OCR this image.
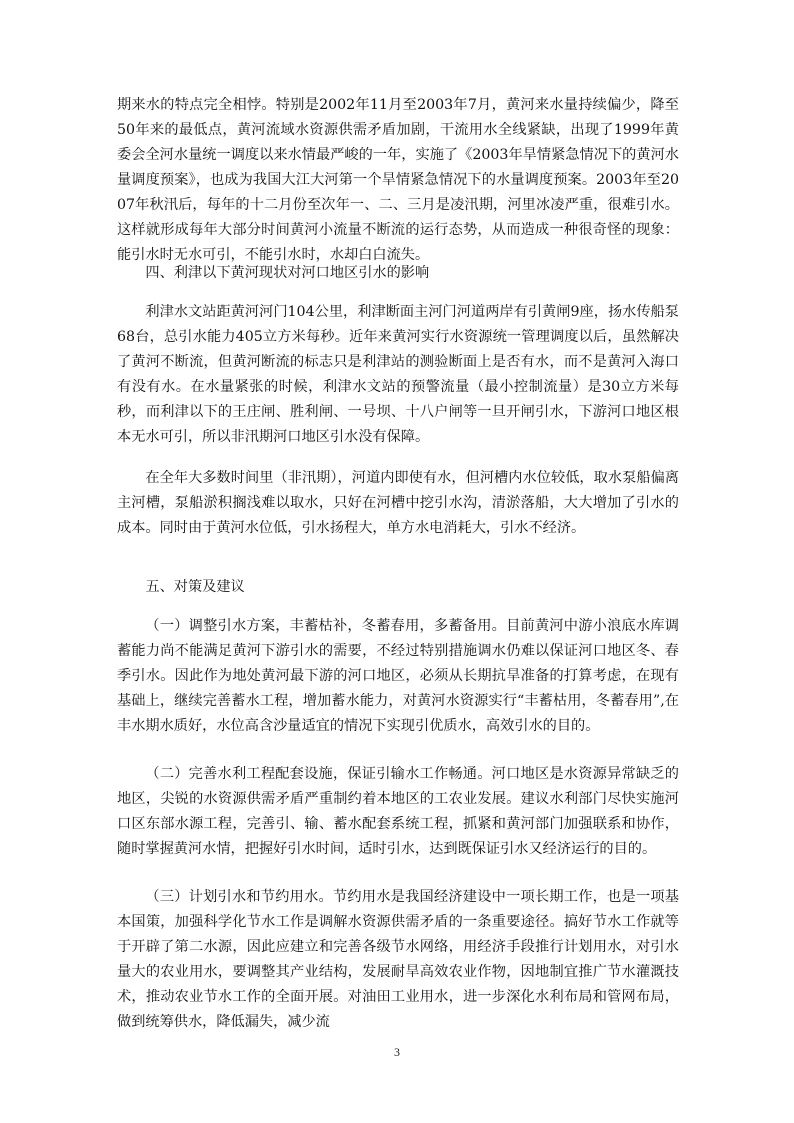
期来水的特点完全相悖。特别是2002年11月至2003年7月，黄河来水量持续偏少，降至50年来的最低点，黄河流域水资源供需矛盾加剧，干流用水全线紧缺，出现了1999年黄委会全河水量统一调度以来水情最严峻的一年，实施了《2003年旱情紧急情况下的黄河水量调度预案》，也成为我国大江大河第一个旱情紧急情况下的水量调度预案。2003年至2007年秋汛后，每年的十二月份至次年一、二、三月是凌汛期，河里冰凌严重，很难引水。这样就形成每年大部分时间黄河小流量不断流的运行态势，从而造成一种很奇怪的现象：能引水时无水可引，不能引水时，水却白白流失。

四、利津以下黄河现状对河口地区引水的影响

利津水文站距黄河河门104公里，利津断面主河门河道两岸有引黄闸9座，扬水传船泵68台，总引水能力405立方米每秒。近年来黄河实行水资源统一管理调度以后，虽然解决了黄河不断流，但黄河断流的标志只是利津站的测验断面上是否有水，而不是黄河入海口有没有水。在水量紧张的时候，利津水文站的预警流量（最小控制流量）是30立方米每秒，而利津以下的王庄闸、胜利闸、一号坝、十八户闸等一旦开闸引水，下游河口地区根本无水可引，所以非汛期河口地区引水没有保障。

在全年大多数时间里（非汛期），河道内即使有水，但河槽内水位较低，取水泵船偏离主河槽，泵船淤积搁浅难以取水，只好在河槽中挖引水沟，清淤落船，大大增加了引水的成本。同时由于黄河水位低，引水扬程大，单方水电消耗大，引水不经济。

五、对策及建议

（一）调整引水方案，丰蓄枯补，冬蓄春用，多蓄备用。目前黄河中游小浪底水库调蓄能力尚不能满足黄河下游引水的需要，不经过特别措施调水仍难以保证河口地区冬、春季引水。因此作为地处黄河最下游的河口地区，必须从长期抗旱准备的打算考虑，在现有基础上，继续完善蓄水工程，增加蓄水能力，对黄河水资源实行“丰蓄枯用，冬蓄春用”,在丰水期水质好，水位高含沙量适宜的情况下实现引优质水，高效引水的目的。

（二）完善水利工程配套设施，保证引输水工作畅通。河口地区是水资源异常缺乏的地区，尖锐的水资源供需矛盾严重制约着本地区的工农业发展。建议水利部门尽快实施河口区东部水源工程，完善引、输、蓄水配套系统工程，抓紧和黄河部门加强联系和协作，随时掌握黄河水情，把握好引水时间，适时引水，达到既保证引水又经济运行的目的。

（三）计划引水和节约用水。节约用水是我国经济建设中一项长期工作，也是一项基本国策，加强科学化节水工作是调解水资源供需矛盾的一条重要途径。搞好节水工作就等于开辟了第二水源，因此应建立和完善各级节水网络，用经济手段推行计划用水，对引水量大的农业用水，要调整其产业结构，发展耐旱高效农业作物，因地制宜推广节水灌溉技术，推动农业节水工作的全面开展。对油田工业用水，进一步深化水利布局和管网布局，做到统筹供水，降低漏失，减少流

3
